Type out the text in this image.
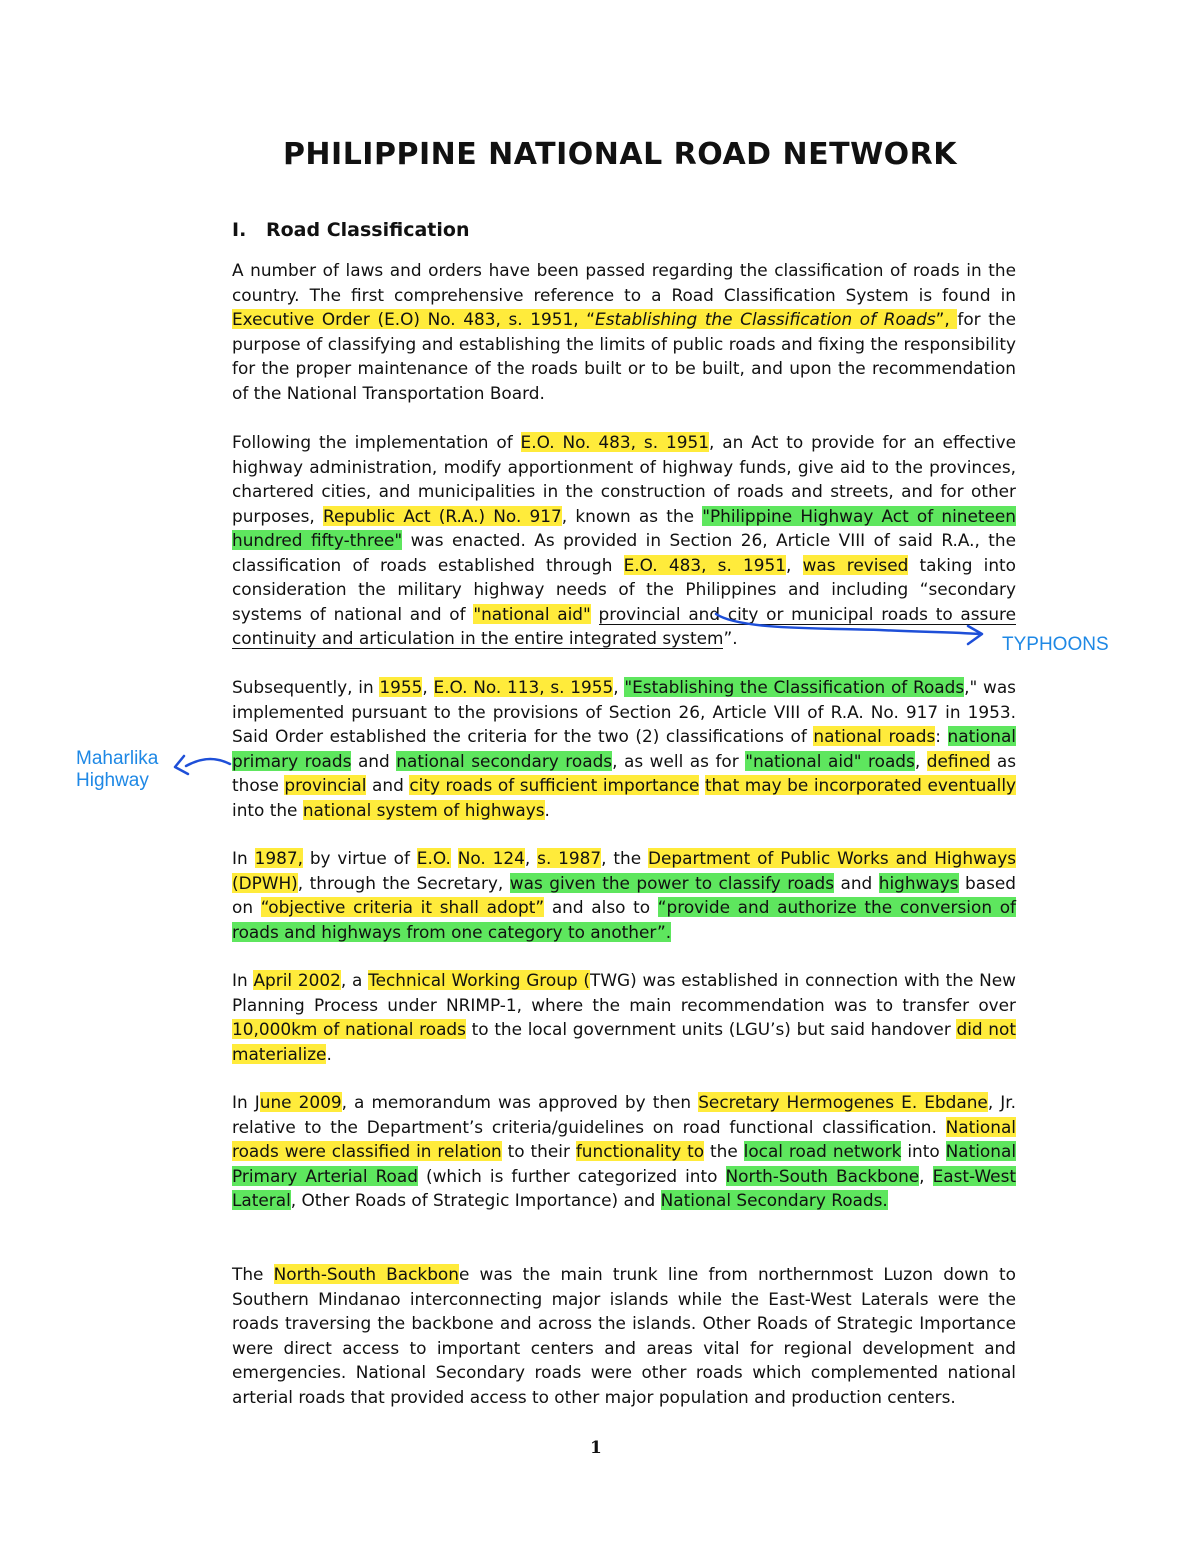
PHILIPPINE NATIONAL ROAD NETWORK
I. Road Classification

A number of laws and orders have been passed regarding the classification of roads in the country. The first comprehensive reference to a Road Classification System is found in Executive Order (E.O) No. 483, s. 1951, “Establishing the Classification of Roads”, for the purpose of classifying and establishing the limits of public roads and fixing the responsibility for the proper maintenance of the roads built or to be built, and upon the recommendation of the National Transportation Board.

Following the implementation of E.O. No. 483, s. 1951, an Act to provide for an effective highway administration, modify apportionment of highway funds, give aid to the provinces, chartered cities, and municipalities in the construction of roads and streets, and for other purposes, Republic Act (R.A.) No. 917, known as the "Philippine Highway Act of nineteen hundred fifty-three" was enacted. As provided in Section 26, Article VIII of said R.A., the classification of roads established through E.O. 483, s. 1951, was revised taking into consideration the military highway needs of the Philippines and including “secondary systems of national and of "national aid" provincial and city or municipal roads to assure continuity and articulation in the entire integrated system”.

Subsequently, in 1955, E.O. No. 113, s. 1955, "Establishing the Classification of Roads," was implemented pursuant to the provisions of Section 26, Article VIII of R.A. No. 917 in 1953. Said Order established the criteria for the two (2) classifications of national roads: national primary roads and national secondary roads, as well as for "national aid" roads, defined as those provincial and city roads of sufficient importance that may be incorporated eventually into the national system of highways.

In 1987, by virtue of E.O. No. 124, s. 1987, the Department of Public Works and Highways (DPWH), through the Secretary, was given the power to classify roads and highways based on “objective criteria it shall adopt” and also to “provide and authorize the conversion of roads and highways from one category to another”.

In April 2002, a Technical Working Group (TWG) was established in connection with the New Planning Process under NRIMP-1, where the main recommendation was to transfer over 10,000km of national roads to the local government units (LGU’s) but said handover did not materialize.

In June 2009, a memorandum was approved by then Secretary Hermogenes E. Ebdane, Jr. relative to the Department’s criteria/guidelines on road functional classification. National roads were classified in relation to their functionality to the local road network into National Primary Arterial Road (which is further categorized into North-South Backbone, East-West Lateral, Other Roads of Strategic Importance) and National Secondary Roads.

The North-South Backbone was the main trunk line from northernmost Luzon down to Southern Mindanao interconnecting major islands while the East-West Laterals were the roads traversing the backbone and across the islands. Other Roads of Strategic Importance were direct access to important centers and areas vital for regional development and emergencies. National Secondary roads were other roads which complemented national arterial roads that provided access to other major population and production centers.

TYPHOONS
Maharlika
Highway
1
